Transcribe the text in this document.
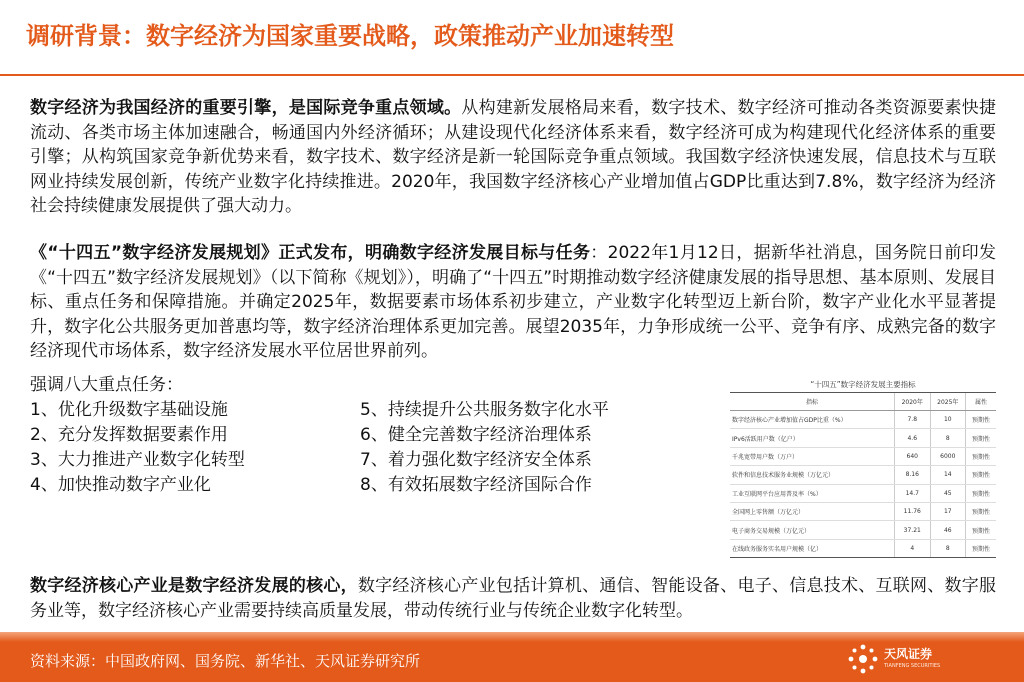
调研背景：数字经济为国家重要战略，政策推动产业加速转型

数字经济为我国经济的重要引擎，是国际竞争重点领域。从构建新发展格局来看，数字技术、数字经济可推动各类资源要素快捷流动、各类市场主体加速融合，畅通国内外经济循环；从建设现代化经济体系来看，数字经济可成为构建现代化经济体系的重要引擎；从构筑国家竞争新优势来看，数字技术、数字经济是新一轮国际竞争重点领域。我国数字经济快速发展，信息技术与互联网业持续发展创新，传统产业数字化持续推进。2020年，我国数字经济核心产业增加值占GDP比重达到7.8%，数字经济为经济社会持续健康发展提供了强大动力。

《“十四五”数字经济发展规划》正式发布，明确数字经济发展目标与任务：2022年1月12日，据新华社消息，国务院日前印发《“十四五”数字经济发展规划》（以下简称《规划》），明确了“十四五”时期推动数字经济健康发展的指导思想、基本原则、发展目标、重点任务和保障措施。并确定2025年，数据要素市场体系初步建立，产业数字化转型迈上新台阶，数字产业化水平显著提升，数字化公共服务更加普惠均等，数字经济治理体系更加完善。展望2035年，力争形成统一公平、竞争有序、成熟完备的数字经济现代市场体系，数字经济发展水平位居世界前列。

强调八大重点任务：
1、优化升级数字基础设施
2、充分发挥数据要素作用
3、大力推进产业数字化转型
4、加快推动数字产业化
5、持续提升公共服务数字化水平
6、健全完善数字经济治理体系
7、着力强化数字经济安全体系
8、有效拓展数字经济国际合作
“十四五”数字经济发展主要指标
指标	2020年	2025年	属性
数字经济核心产业增加值占GDP比重（%）	7.8	10	预期性
IPv6活跃用户数（亿户）	4.6	8	预期性
千兆宽带用户数（万户）	640	6000	预期性
软件和信息技术服务业规模（万亿元）	8.16	14	预期性
工业互联网平台应用普及率（%）	14.7	45	预期性
全国网上零售额（万亿元）	11.76	17	预期性
电子商务交易规模（万亿元）	37.21	46	预期性
在线政务服务实名用户规模（亿）	4	8	预期性

数字经济核心产业是数字经济发展的核心，数字经济核心产业包括计算机、通信、智能设备、电子、信息技术、互联网、数字服务业等，数字经济核心产业需要持续高质量发展，带动传统行业与传统企业数字化转型。

资料来源：中国政府网、国务院、新华社、天风证券研究所	天风证券
TIANFENG SECURITIES
